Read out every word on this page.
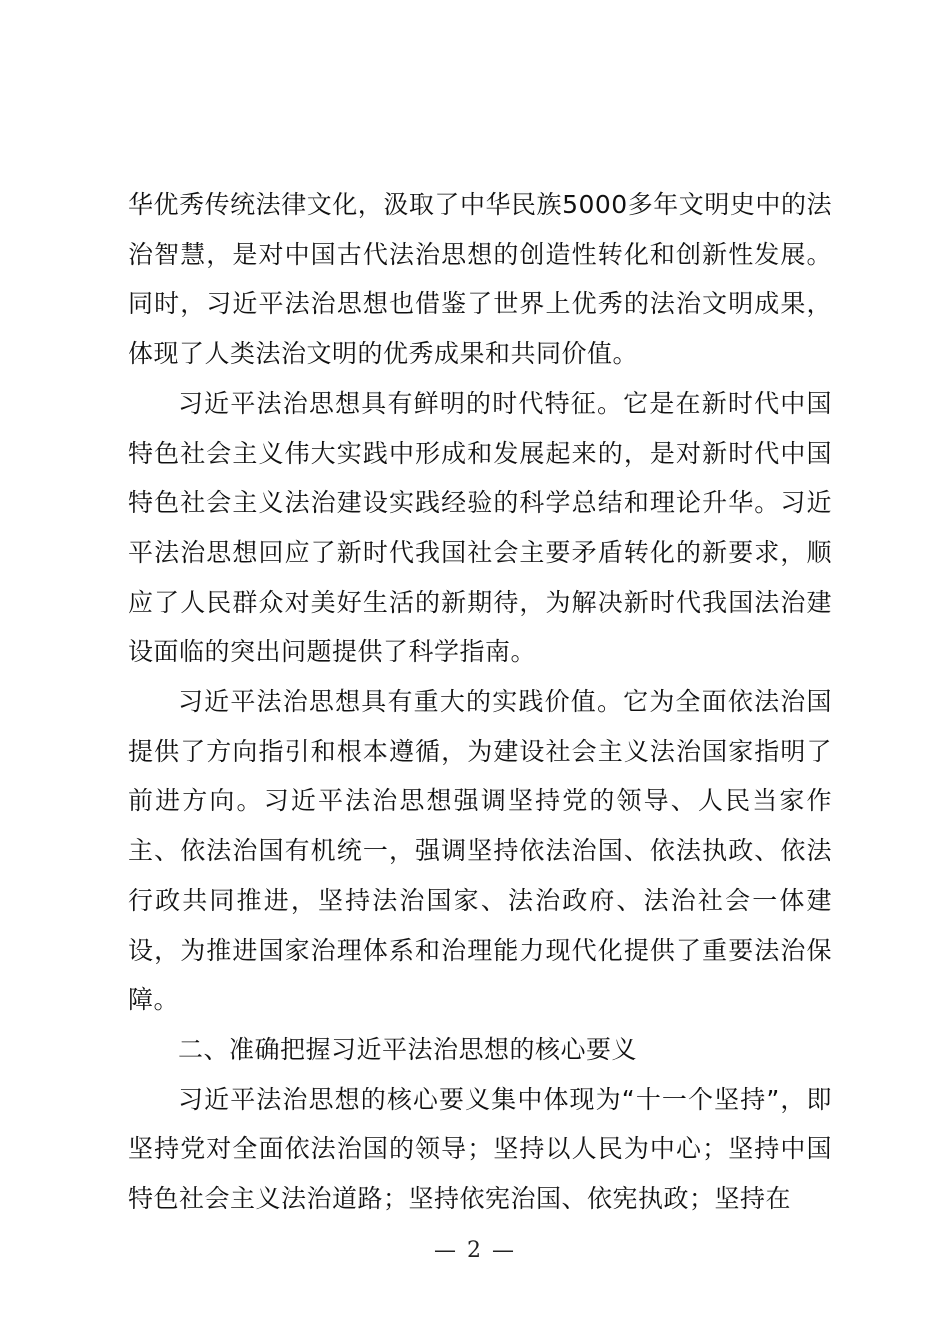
华优秀传统法律文化，汲取了中华民族5000多年文明史中的法治智慧，是对中国古代法治思想的创造性转化和创新性发展。同时，习近平法治思想也借鉴了世界上优秀的法治文明成果，体现了人类法治文明的优秀成果和共同价值。

习近平法治思想具有鲜明的时代特征。它是在新时代中国特色社会主义伟大实践中形成和发展起来的，是对新时代中国特色社会主义法治建设实践经验的科学总结和理论升华。习近平法治思想回应了新时代我国社会主要矛盾转化的新要求，顺应了人民群众对美好生活的新期待，为解决新时代我国法治建设面临的突出问题提供了科学指南。

习近平法治思想具有重大的实践价值。它为全面依法治国提供了方向指引和根本遵循，为建设社会主义法治国家指明了前进方向。习近平法治思想强调坚持党的领导、人民当家作主、依法治国有机统一，强调坚持依法治国、依法执政、依法行政共同推进，坚持法治国家、法治政府、法治社会一体建设，为推进国家治理体系和治理能力现代化提供了重要法治保障。

二、准确把握习近平法治思想的核心要义

习近平法治思想的核心要义集中体现为“十一个坚持”，即坚持党对全面依法治国的领导；坚持以人民为中心；坚持中国特色社会主义法治道路；坚持依宪治国、依宪执政；坚持在

— 2 —
